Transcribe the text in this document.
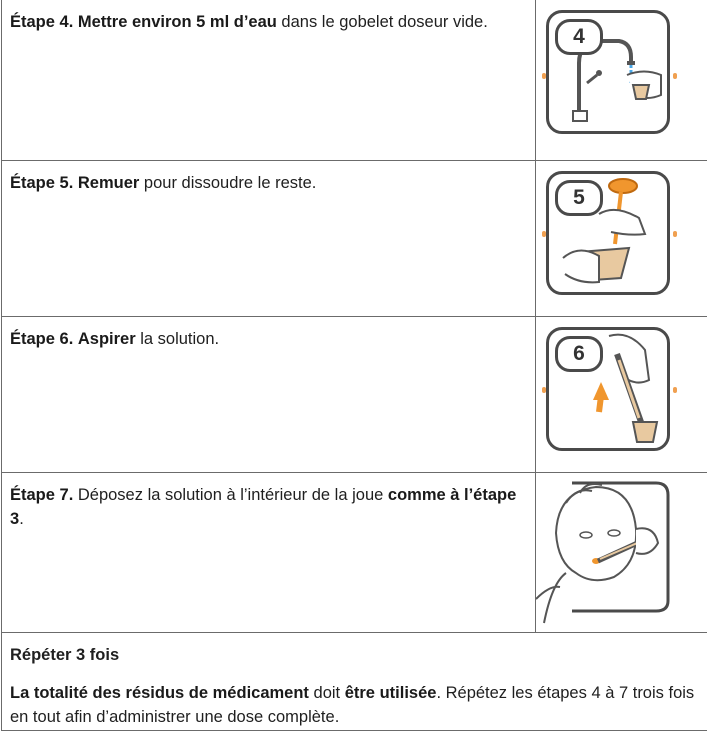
Étape 4. Mettre environ 5 ml d’eau dans le gobelet doseur vide.	4

Étape 5. Remuer pour dissoudre le reste.	5

Étape 6. Aspirer la solution.	6

Étape 7. Déposez la solution à l’intérieur de la joue comme à l’étape 3.	

Répéter 3 fois
La totalité des résidus de médicament doit être utilisée. Répétez les étapes 4 à 7 trois fois en tout afin d’administrer une dose complète.	
